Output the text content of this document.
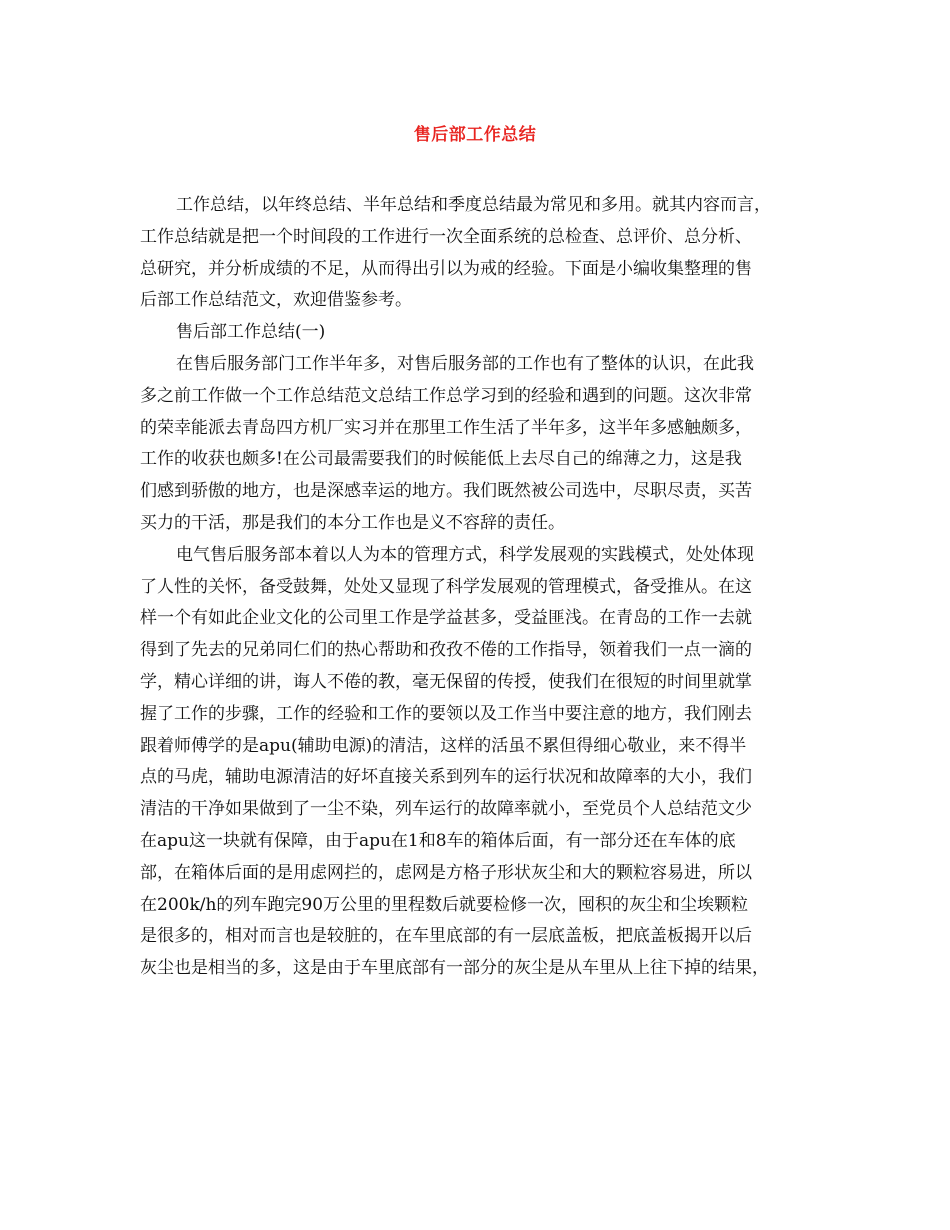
售后部工作总结
工作总结，以年终总结、半年总结和季度总结最为常见和多用。就其内容而言，
工作总结就是把一个时间段的工作进行一次全面系统的总检查、总评价、总分析、
总研究，并分析成绩的不足，从而得出引以为戒的经验。下面是小编收集整理的售
后部工作总结范文，欢迎借鉴参考。
售后部工作总结(一)
在售后服务部门工作半年多，对售后服务部的工作也有了整体的认识，在此我
多之前工作做一个工作总结范文总结工作总学习到的经验和遇到的问题。这次非常
的荣幸能派去青岛四方机厂实习并在那里工作生活了半年多，这半年多感触颇多，
工作的收获也颇多!在公司最需要我们的时候能低上去尽自己的绵薄之力，这是我
们感到骄傲的地方，也是深感幸运的地方。我们既然被公司选中，尽职尽责，买苦
买力的干活，那是我们的本分工作也是义不容辞的责任。
电气售后服务部本着以人为本的管理方式，科学发展观的实践模式，处处体现
了人性的关怀，备受鼓舞，处处又显现了科学发展观的管理模式，备受推从。在这
样一个有如此企业文化的公司里工作是学益甚多，受益匪浅。在青岛的工作一去就
得到了先去的兄弟同仁们的热心帮助和孜孜不倦的工作指导，领着我们一点一滴的
学，精心详细的讲，诲人不倦的教，毫无保留的传授，使我们在很短的时间里就掌
握了工作的步骤，工作的经验和工作的要领以及工作当中要注意的地方，我们刚去
跟着师傅学的是apu(辅助电源)的清洁，这样的活虽不累但得细心敬业，来不得半
点的马虎，辅助电源清洁的好坏直接关系到列车的运行状况和故障率的大小，我们
清洁的干净如果做到了一尘不染，列车运行的故障率就小，至党员个人总结范文少
在apu这一块就有保障，由于apu在1和8车的箱体后面，有一部分还在车体的底
部，在箱体后面的是用虑网拦的，虑网是方格子形状灰尘和大的颗粒容易进，所以
在200k/h的列车跑完90万公里的里程数后就要检修一次，囤积的灰尘和尘埃颗粒
是很多的，相对而言也是较脏的，在车里底部的有一层底盖板，把底盖板揭开以后
灰尘也是相当的多，这是由于车里底部有一部分的灰尘是从车里从上往下掉的结果，
